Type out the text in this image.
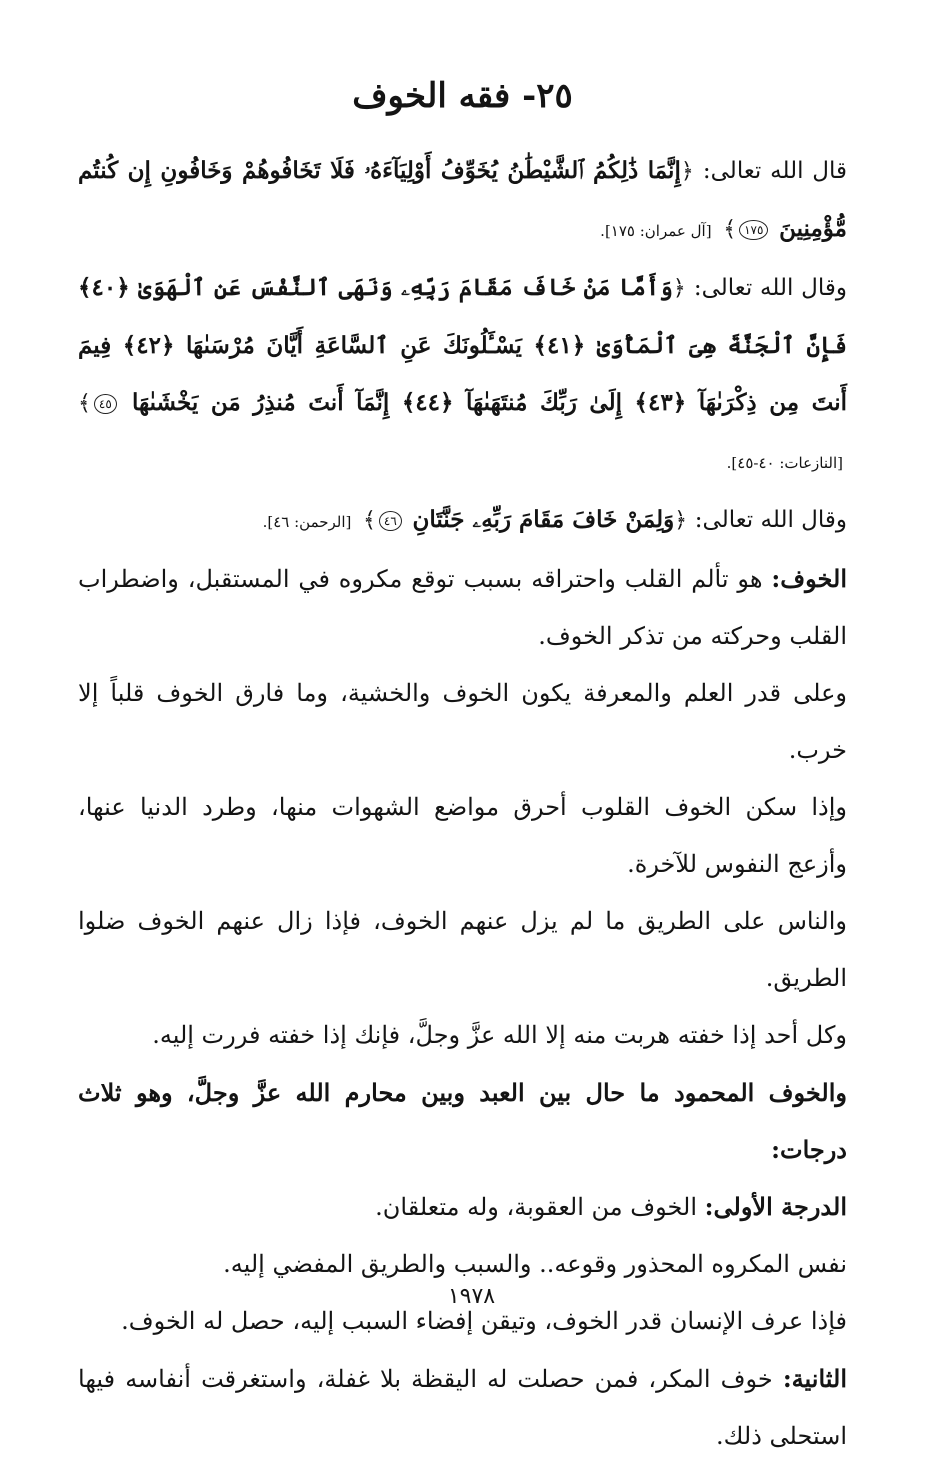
٢٥- فقه الخوف

قال الله تعالى: ﴿إِنَّمَا ذَٰلِكُمُ ٱلشَّيْطَٰنُ يُخَوِّفُ أَوْلِيَآءَهُۥ فَلَا تَخَافُوهُمْ وَخَافُونِ إِن كُنتُم مُّؤْمِنِينَ ١٧٥﴾ [آل عمران: ١٧٥].

وقال الله تعالى: ﴿وَأَمَّا مَنْ خَافَ مَقَامَ رَبِّهِۦ وَنَهَى ٱلنَّفْسَ عَنِ ٱلْهَوَىٰ ﴿٤٠﴾ فَإِنَّ ٱلْجَنَّةَ هِىَ ٱلْمَأْوَىٰ ﴿٤١﴾ يَسْـَٔلُونَكَ عَنِ ٱلسَّاعَةِ أَيَّانَ مُرْسَىٰهَا ﴿٤٢﴾ فِيمَ أَنتَ مِن ذِكْرَىٰهَآ ﴿٤٣﴾ إِلَىٰ رَبِّكَ مُنتَهَىٰهَآ ﴿٤٤﴾ إِنَّمَآ أَنتَ مُنذِرُ مَن يَخْشَىٰهَا ٤٥﴾ [النازعات: ٤٠-٤٥].

وقال الله تعالى: ﴿وَلِمَنْ خَافَ مَقَامَ رَبِّهِۦ جَنَّتَانِ ٤٦﴾ [الرحمن: ٤٦].

الخوف: هو تألم القلب واحتراقه بسبب توقع مكروه في المستقبل، واضطراب القلب وحركته من تذكر الخوف.

وعلى قدر العلم والمعرفة يكون الخوف والخشية، وما فارق الخوف قلباً إلا خرب.

وإذا سكن الخوف القلوب أحرق مواضع الشهوات منها، وطرد الدنيا عنها، وأزعج النفوس للآخرة.

والناس على الطريق ما لم يزل عنهم الخوف، فإذا زال عنهم الخوف ضلوا الطريق.

وكل أحد إذا خفته هربت منه إلا الله عزَّ وجلَّ، فإنك إذا خفته فررت إليه.

والخوف المحمود ما حال بين العبد وبين محارم الله عزَّ وجلَّ، وهو ثلاث درجات:

الدرجة الأولى: الخوف من العقوبة، وله متعلقان.

نفس المكروه المحذور وقوعه.. والسبب والطريق المفضي إليه.

فإذا عرف الإنسان قدر الخوف، وتيقن إفضاء السبب إليه، حصل له الخوف.

الثانية: خوف المكر، فمن حصلت له اليقظة بلا غفلة، واستغرقت أنفاسه فيها استحلى ذلك.

١٩٧٨
